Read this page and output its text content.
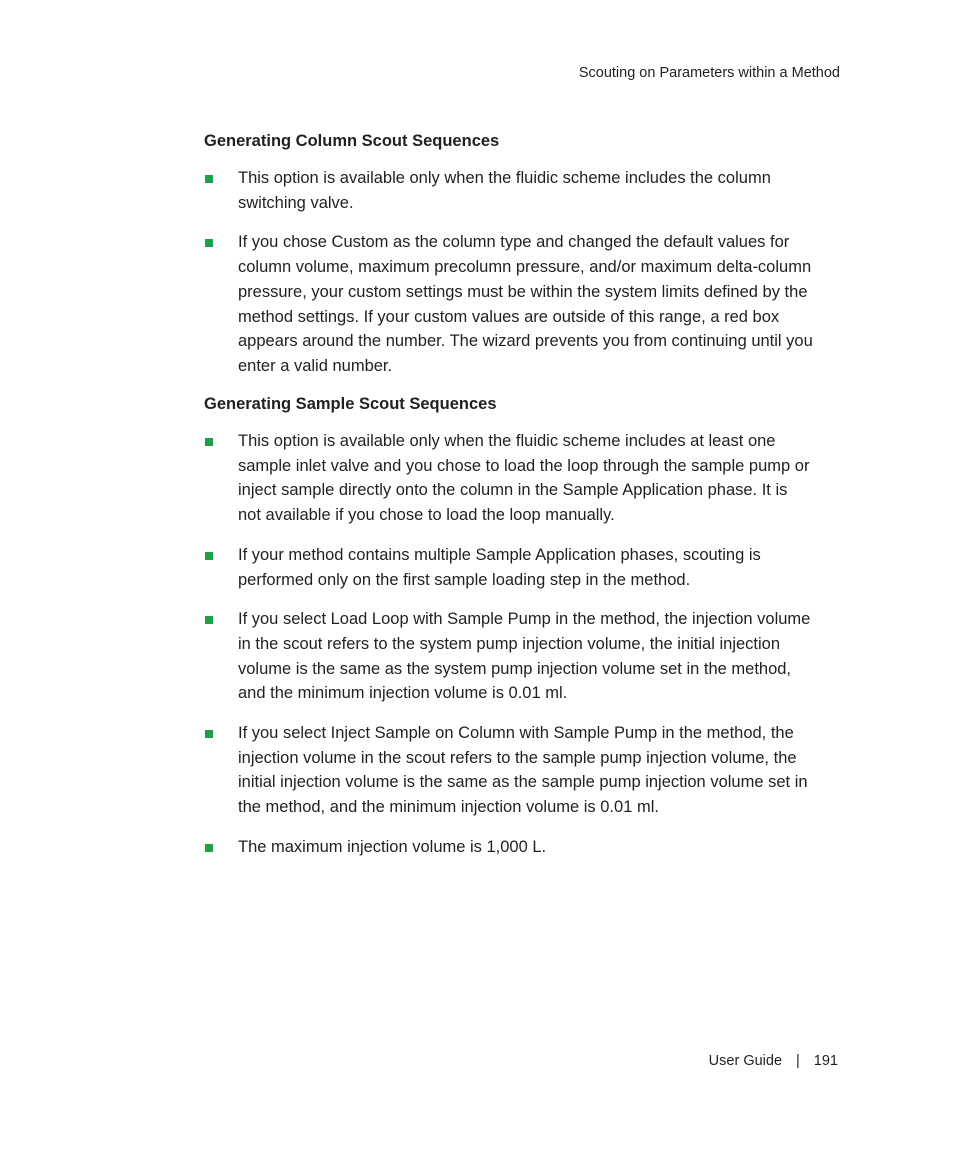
Scouting on Parameters within a Method
Generating Column Scout Sequences
This option is available only when the fluidic scheme includes the column switching valve.
If you chose Custom as the column type and changed the default values for column volume, maximum precolumn pressure, and/or maximum delta-column pressure, your custom settings must be within the system limits defined by the method settings. If your custom values are outside of this range, a red box appears around the number. The wizard prevents you from continuing until you enter a valid number.
Generating Sample Scout Sequences
This option is available only when the fluidic scheme includes at least one sample inlet valve and you chose to load the loop through the sample pump or inject sample directly onto the column in the Sample Application phase. It is not available if you chose to load the loop manually.
If your method contains multiple Sample Application phases, scouting is performed only on the first sample loading step in the method.
If you select Load Loop with Sample Pump in the method, the injection volume in the scout refers to the system pump injection volume, the initial injection volume is the same as the system pump injection volume set in the method, and the minimum injection volume is 0.01 ml.
If you select Inject Sample on Column with Sample Pump in the method, the injection volume in the scout refers to the sample pump injection volume, the initial injection volume is the same as the sample pump injection volume set in the method, and the minimum injection volume is 0.01 ml.
The maximum injection volume is 1,000 L.
User Guide | 191
